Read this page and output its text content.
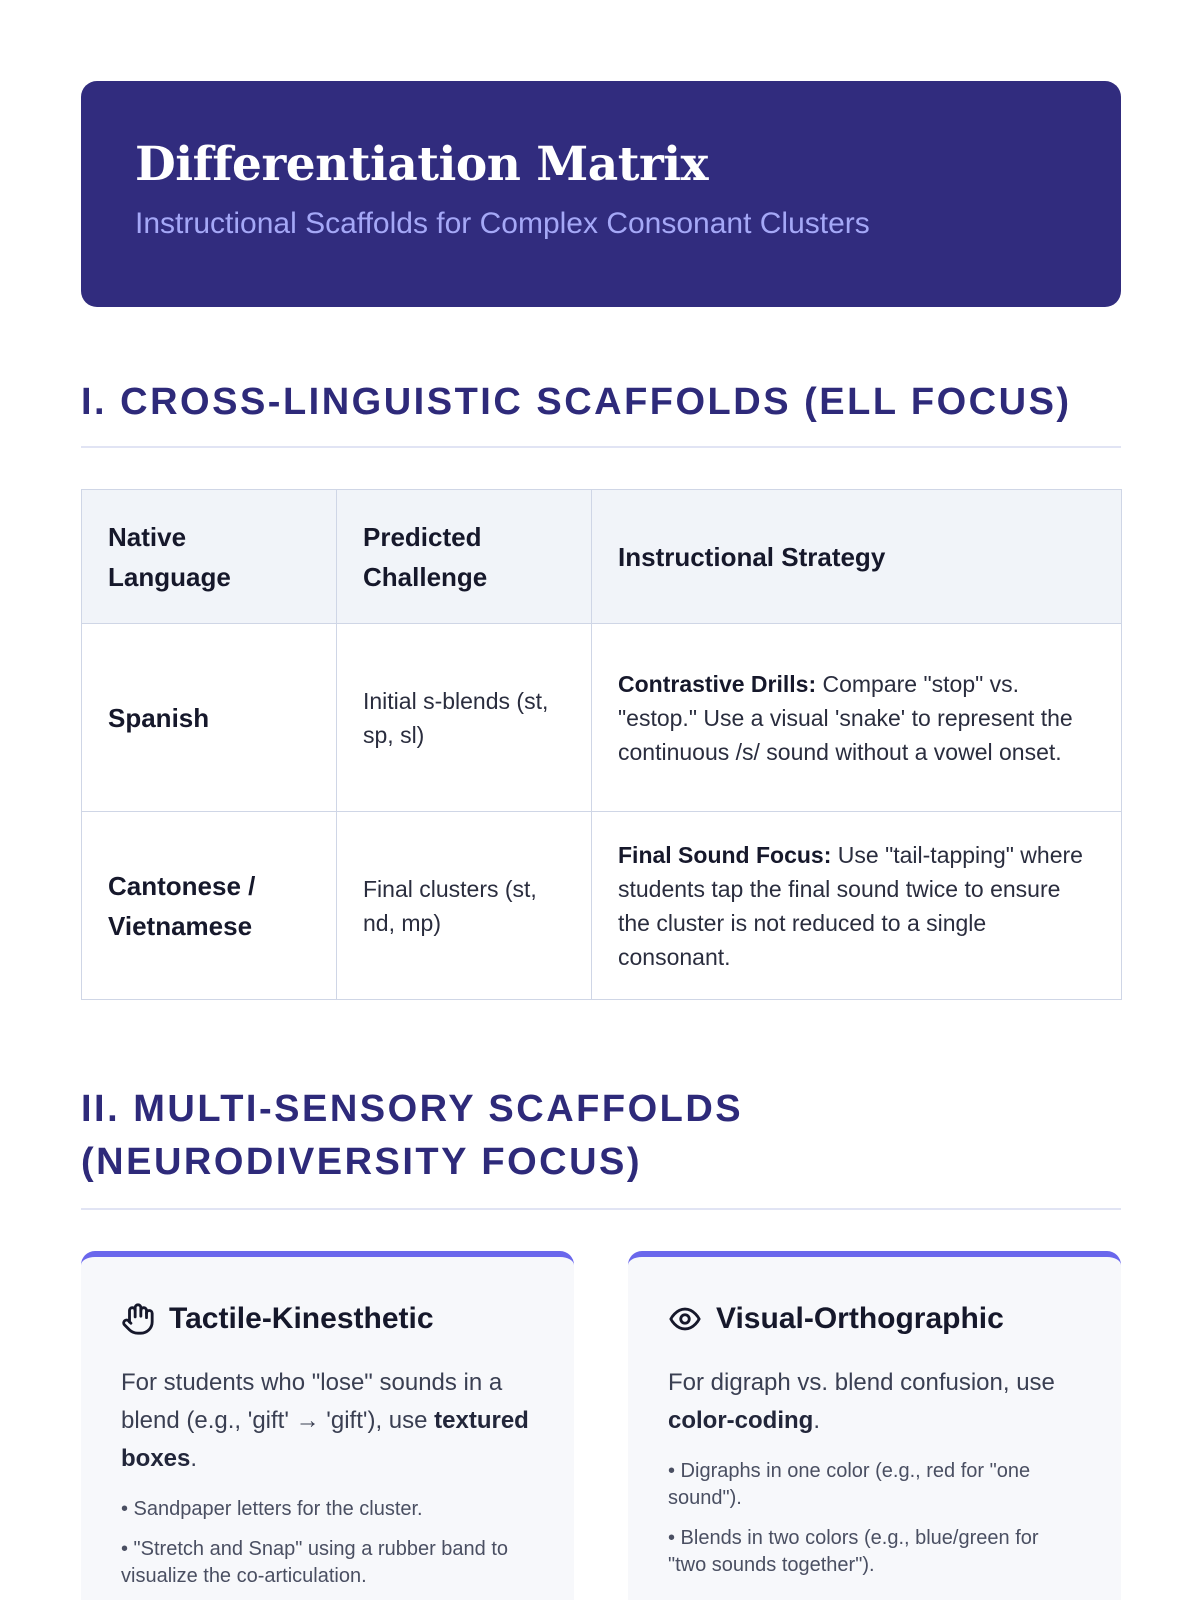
Differentiation Matrix

Instructional Scaffolds for Complex Consonant Clusters

I. CROSS-LINGUISTIC SCAFFOLDS (ELL FOCUS)
Native Language	Predicted Challenge	Instructional Strategy
Spanish	Initial s-blends (st, sp, sl)	Contrastive Drills: Compare "stop" vs. "estop." Use a visual 'snake' to represent the continuous /s/ sound without a vowel onset.
Cantonese / Vietnamese	Final clusters (st, nd, mp)	Final Sound Focus: Use "tail-tapping" where students tap the final sound twice to ensure the cluster is not reduced to a single consonant.
II. MULTI-SENSORY SCAFFOLDS (NEURODIVERSITY FOCUS)
Tactile-Kinesthetic

For students who "lose" sounds in a blend (e.g., 'gift' → 'gift'), use textured boxes.

• Sandpaper letters for the cluster.
• "Stretch and Snap" using a rubber band to visualize the co-articulation.
Visual-Orthographic

For digraph vs. blend confusion, use color-coding.

• Digraphs in one color (e.g., red for "one sound").
• Blends in two colors (e.g., blue/green for "two sounds together").
